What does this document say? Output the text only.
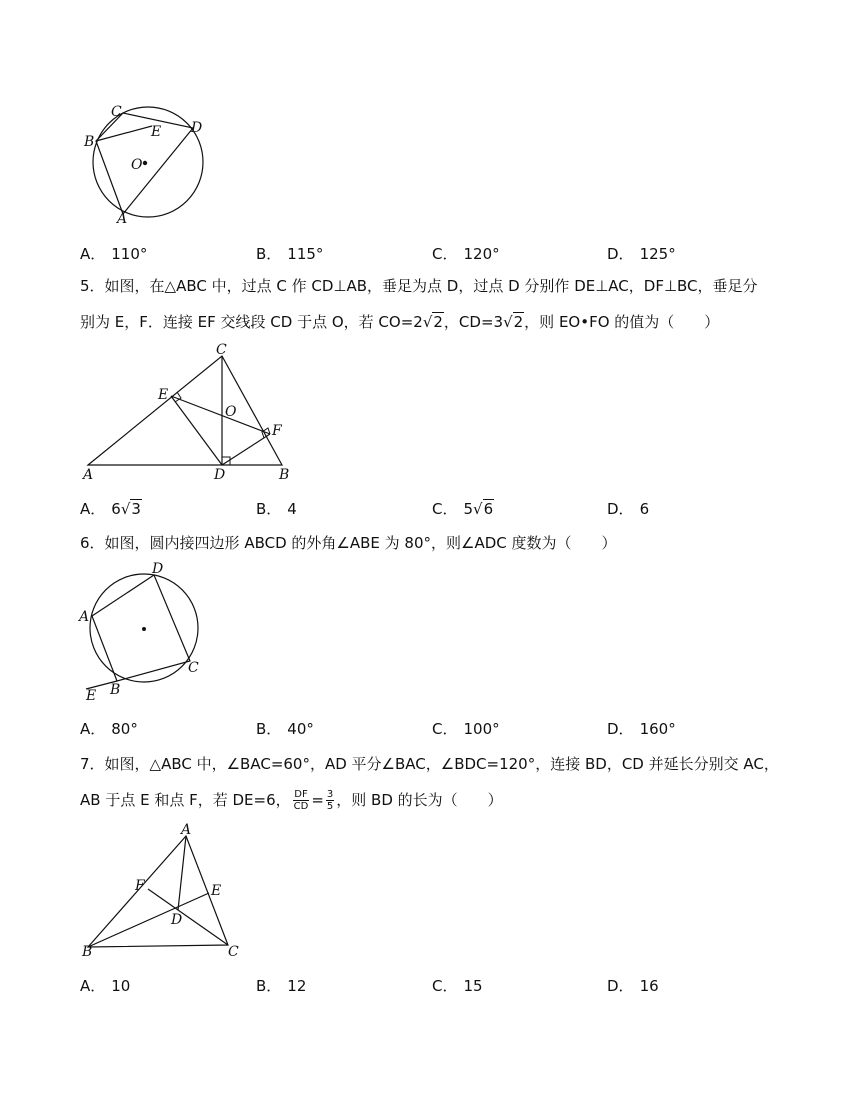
C
B
E D
O
A
A． 110°	B． 115°	C． 120°	D． 125°
5．如图，在△ABC 中，过点 C 作 CD⊥AB，垂足为点 D，过点 D 分别作 DE⊥AC，DF⊥BC，垂足分
别为 E，F．连接 EF 交线段 CD 于点 O，若 CO=2√2，CD=3√2，则 EO•FO 的值为（　　）
C
E
O
F
A	D	B
A． 6√3	B． 4	C． 5√6	D． 6
6．如图，圆内接四边形 ABCD 的外角∠ABE 为 80°，则∠ADC 度数为（　　）
D
A
C
E B
A． 80°	B． 40°	C． 100°	D． 160°
7．如图，△ABC 中，∠BAC=60°，AD 平分∠BAC，∠BDC=120°，连接 BD，CD 并延长分别交 AC，
AB 于点 E 和点 F，若 DE=6， $\frac{DF}{CD} = \frac{3}{5}$ ，则 BD 的长为（　　）
A
F	E
D
B	C
A． 10	B． 12	C． 15	D． 16
